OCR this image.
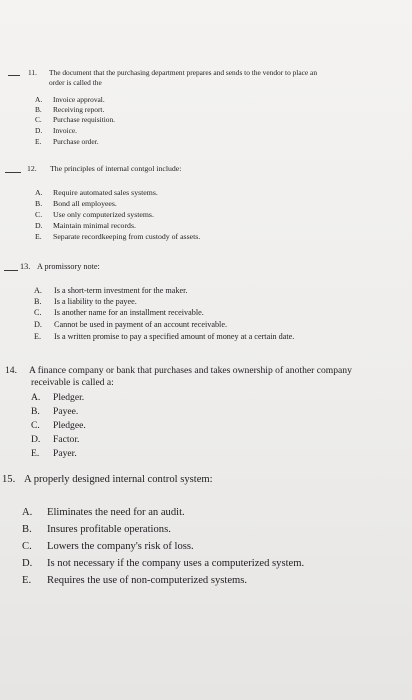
11. The document that the purchasing department prepares and sends to the vendor to place an
order is called the
A. Invoice approval.
B. Receiving report.
C. Purchase requisition.
D. Invoice.
E. Purchase order.
12. The principles of internal contgol include:
A. Require automated sales systems.
B. Bond all employees.
C. Use only computerized systems.
D. Maintain minimal records.
E. Separate recordkeeping from custody of assets.
13. A promissory note:
A. Is a short-term investment for the maker.
B. Is a liability to the payee.
C. Is another name for an installment receivable.
D. Cannot be used in payment of an account receivable.
E. Is a written promise to pay a specified amount of money at a certain date.
14. A finance company or bank that purchases and takes ownership of another company
receivable is called a:
A. Pledger.
B. Payee.
C. Pledgee.
D. Factor.
E. Payer.
15. A properly designed internal control system:
A. Eliminates the need for an audit.
B. Insures profitable operations.
C. Lowers the company's risk of loss.
D. Is not necessary if the company uses a computerized system.
E. Requires the use of non-computerized systems.
